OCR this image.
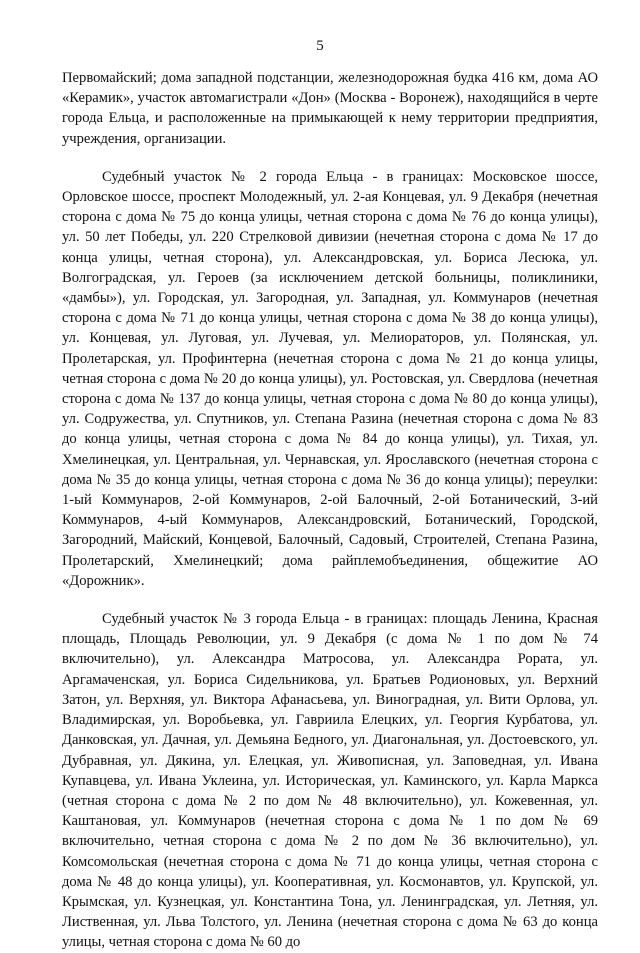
5

Первомайский; дома западной подстанции, железнодорожная будка 416 км, дома АО «Керамик», участок автомагистрали «Дон» (Москва - Воронеж), находящийся в черте города Ельца, и расположенные на примыкающей к нему территории предприятия, учреждения, организации.

Судебный участок № 2 города Ельца - в границах: Московское шоссе, Орловское шоссе, проспект Молодежный, ул. 2-ая Концевая, ул. 9 Декабря (нечетная сторона с дома № 75 до конца улицы, четная сторона с дома № 76 до конца улицы), ул. 50 лет Победы, ул. 220 Стрелковой дивизии (нечетная сторона с дома № 17 до конца улицы, четная сторона), ул. Александровская, ул. Бориса Лесюка, ул. Волгоградская, ул. Героев (за исключением детской больницы, поликлиники, «дамбы»), ул. Городская, ул. Загородная, ул. Западная, ул. Коммунаров (нечетная сторона с дома № 71 до конца улицы, четная сторона с дома № 38 до конца улицы), ул. Концевая, ул. Луговая, ул. Лучевая, ул. Мелиораторов, ул. Полянская, ул. Пролетарская, ул. Профинтерна (нечетная сторона с дома № 21 до конца улицы, четная сторона с дома № 20 до конца улицы), ул. Ростовская, ул. Свердлова (нечетная сторона с дома № 137 до конца улицы, четная сторона с дома № 80 до конца улицы), ул. Содружества, ул. Спутников, ул. Степана Разина (нечетная сторона с дома № 83 до конца улицы, четная сторона с дома № 84 до конца улицы), ул. Тихая, ул. Хмелинецкая, ул. Центральная, ул. Чернавская, ул. Ярославского (нечетная сторона с дома № 35 до конца улицы, четная сторона с дома № 36 до конца улицы); переулки: 1-ый Коммунаров, 2-ой Коммунаров, 2-ой Балочный, 2-ой Ботанический, 3-ий Коммунаров, 4-ый Коммунаров, Александровский, Ботанический, Городской, Загородний, Майский, Концевой, Балочный, Садовый, Строителей, Степана Разина, Пролетарский, Хмелинецкий; дома райплемобъединения, общежитие АО «Дорожник».

Судебный участок № 3 города Ельца - в границах: площадь Ленина, Красная площадь, Площадь Революции, ул. 9 Декабря (с дома № 1 по дом № 74 включительно), ул. Александра Матросова, ул. Александра Рората, ул. Аргамаченская, ул. Бориса Сидельникова, ул. Братьев Родионовых, ул. Верхний Затон, ул. Верхняя, ул. Виктора Афанасьева, ул. Виноградная, ул. Вити Орлова, ул. Владимирская, ул. Воробьевка, ул. Гавриила Елецких, ул. Георгия Курбатова, ул. Данковская, ул. Дачная, ул. Демьяна Бедного, ул. Диагональная, ул. Достоевского, ул. Дубравная, ул. Дякина, ул. Елецкая, ул. Живописная, ул. Заповедная, ул. Ивана Купавцева, ул. Ивана Уклеина, ул. Историческая, ул. Каминского, ул. Карла Маркса (четная сторона с дома № 2 по дом № 48 включительно), ул. Кожевенная, ул. Каштановая, ул. Коммунаров (нечетная сторона с дома № 1 по дом № 69 включительно, четная сторона с дома № 2 по дом № 36 включительно), ул. Комсомольская (нечетная сторона с дома № 71 до конца улицы, четная сторона с дома № 48 до конца улицы), ул. Кооперативная, ул. Космонавтов, ул. Крупской, ул. Крымская, ул. Кузнецкая, ул. Константина Тона, ул. Ленинградская, ул. Летняя, ул. Лиственная, ул. Льва Толстого, ул. Ленина (нечетная сторона с дома № 63 до конца улицы, четная сторона с дома № 60 до
